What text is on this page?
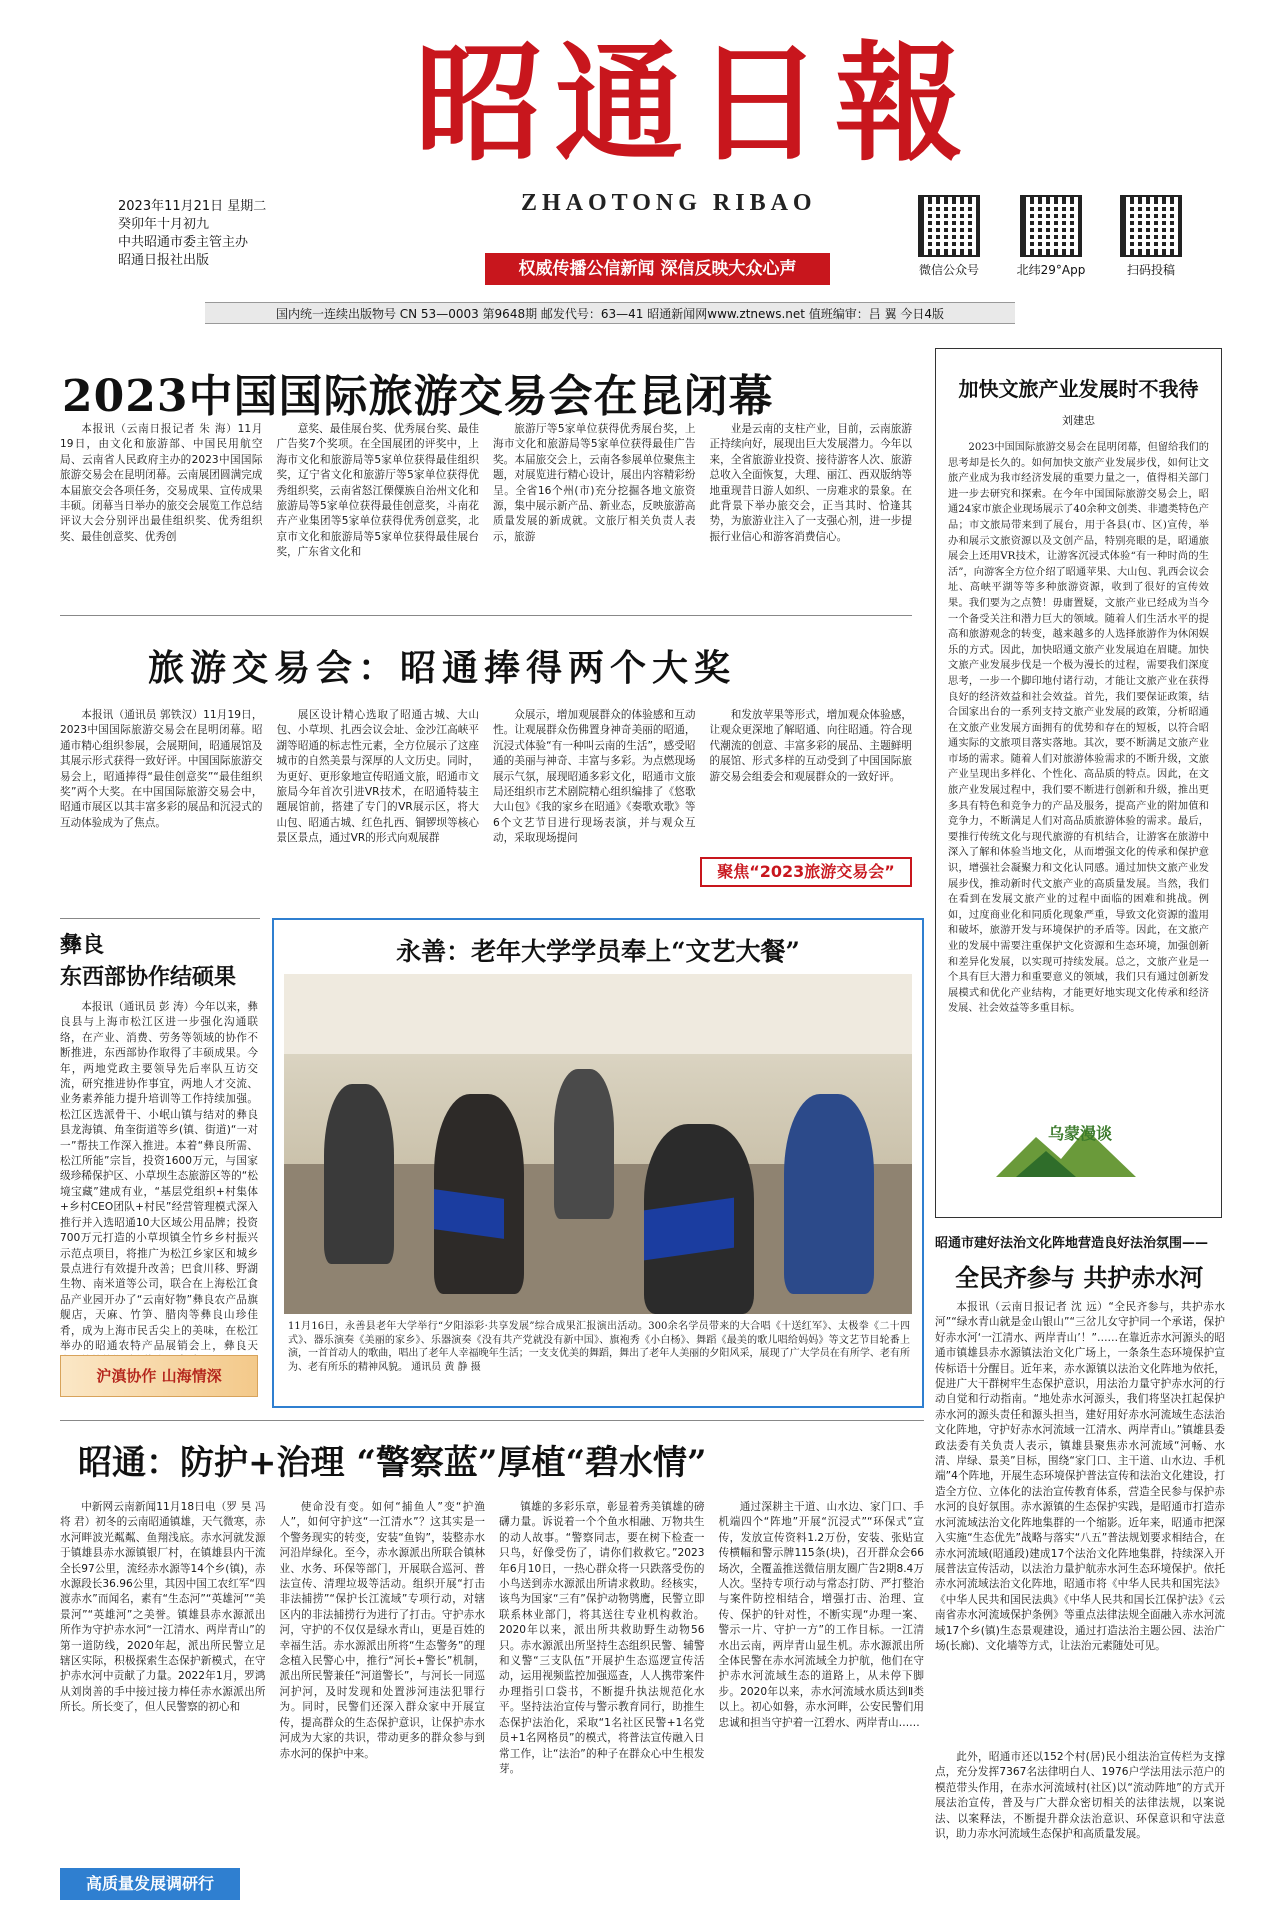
昭通日報
ZHAOTONG RIBAO
权威传播公信新闻 深信反映大众心声
2023年11月21日 星期二
癸卯年十月初九
中共昭通市委主管主办
昭通日报社出版
微信公众号	北纬29°App	扫码投稿
国内统一连续出版物号 CN 53—0003 第9648期 邮发代号：63—41 昭通新闻网www.ztnews.net 值班编审：吕 翼 今日4版
2023中国国际旅游交易会在昆闭幕

本报讯（云南日报记者 朱 海）11月19日，由文化和旅游部、中国民用航空局、云南省人民政府主办的2023中国国际旅游交易会在昆明闭幕。云南展团圆满完成本届旅交会各项任务，交易成果、宣传成果丰硕。闭幕当日举办的旅交会展览工作总结评议大会分别评出最佳组织奖、优秀组织奖、最佳创意奖、优秀创

意奖、最佳展台奖、优秀展台奖、最佳广告奖7个奖项。在全国展团的评奖中，上海市文化和旅游局等5家单位获得最佳组织奖，辽宁省文化和旅游厅等5家单位获得优秀组织奖，云南省怒江傈僳族自治州文化和旅游局等5家单位获得最佳创意奖，斗南花卉产业集团等5家单位获得优秀创意奖，北京市文化和旅游局等5家单位获得最佳展台奖，广东省文化和

旅游厅等5家单位获得优秀展台奖，上海市文化和旅游局等5家单位获得最佳广告奖。本届旅交会上，云南各参展单位聚焦主题，对展览进行精心设计，展出内容精彩纷呈。全省16个州(市)充分挖掘各地文旅资源，集中展示新产品、新业态，反映旅游高质量发展的新成就。文旅厅相关负责人表示，旅游

业是云南的支柱产业，目前，云南旅游正持续向好，展现出巨大发展潜力。今年以来，全省旅游业投资、接待游客人次、旅游总收入全面恢复，大理、丽江、西双版纳等地重现昔日游人如织、一房难求的景象。在此背景下举办旅交会，正当其时、恰逢其势，为旅游业注入了一支强心剂，进一步提振行业信心和游客消费信心。

加快文旅产业发展时不我待
刘建忠

2023中国国际旅游交易会在昆明闭幕，但留给我们的思考却是长久的。如何加快文旅产业发展步伐，如何让文旅产业成为我市经济发展的重要力量之一，值得相关部门进一步去研究和探索。在今年中国国际旅游交易会上，昭通24家市旅企业现场展示了40余种文创类、非遗类特色产品；市文旅局带来到了展台，用于各县(市、区)宣传，举办和展示文旅资源以及文创产品，特别亮眼的是，昭通旅展会上还用VR技术，让游客沉浸式体验“有一种时尚的生活”，向游客全方位介绍了昭通苹果、大山包、乳西会议会址、高峡平湖等等多种旅游资源，收到了很好的宣传效果。我们要为之点赞！毋庸置疑，文旅产业已经成为当今一个备受关注和潜力巨大的领域。随着人们生活水平的提高和旅游观念的转变，越来越多的人选择旅游作为休闲娱乐的方式。因此，加快昭通文旅产业发展迫在眉睫。加快文旅产业发展步伐是一个极为漫长的过程，需要我们深度思考，一步一个脚印地付诸行动，才能让文旅产业在获得良好的经济效益和社会效益。首先，我们要保证政策，结合国家出台的一系列支持文旅产业发展的政策，分析昭通在文旅产业发展方面拥有的优势和存在的短板，以符合昭通实际的文旅项目落实落地。其次，要不断满足文旅产业市场的需求。随着人们对旅游体验需求的不断升级，文旅产业呈现出多样化、个性化、高品质的特点。因此，在文旅产业发展过程中，我们要不断进行创新和升级，推出更多具有特色和竞争力的产品及服务，提高产业的附加值和竞争力，不断满足人们对高品质旅游体验的需求。最后，要推行传统文化与现代旅游的有机结合，让游客在旅游中深入了解和体验当地文化，从而增强文化的传承和保护意识，增强社会凝聚力和文化认同感。通过加快文旅产业发展步伐，推动新时代文旅产业的高质量发展。当然，我们在看到在发展文旅产业的过程中面临的困难和挑战。例如，过度商业化和同质化现象严重，导致文化资源的滥用和破坏，旅游开发与环境保护的矛盾等。因此，在文旅产业的发展中需要注重保护文化资源和生态环境，加强创新和差异化发展，以实现可持续发展。总之，文旅产业是一个具有巨大潜力和重要意义的领域，我们只有通过创新发展模式和优化产业结构，才能更好地实现文化传承和经济发展、社会效益等多重目标。

乌蒙漫谈
旅游交易会：昭通捧得两个大奖

本报讯（通讯员 郭铁汉）11月19日，2023中国国际旅游交易会在昆明闭幕。昭通市精心组织参展，会展期间，昭通展馆及其展示形式获得一致好评。中国国际旅游交易会上，昭通捧得“最佳创意奖”“最佳组织奖”两个大奖。在中国国际旅游交易会中，昭通市展区以其丰富多彩的展品和沉浸式的互动体验成为了焦点。

展区设计精心选取了昭通古城、大山包、小草坝、扎西会议会址、金沙江高峡平湖等昭通的标志性元素，全方位展示了这座城市的自然美景与深厚的人文历史。同时，为更好、更形象地宣传昭通文旅，昭通市文旅局今年首次引进VR技术，在昭通特装主题展馆前，搭建了专门的VR展示区，将大山包、昭通古城、红色扎西、铜锣坝等核心景区景点，通过VR的形式向观展群

众展示，增加观展群众的体验感和互动性。让观展群众伤佛置身神奇美丽的昭通，沉浸式体验“有一种叫云南的生活”，感受昭通的美丽与神奇、丰富与多彩。为点燃现场展示气氛，展现昭通多彩文化，昭通市文旅局还组织市艺术剧院精心组织编排了《悠歌大山包》《我的家乡在昭通》《奏歌欢歌》等6个文艺节目进行现场表演，并与观众互动，采取现场提问

和发放苹果等形式，增加观众体验感，让观众更深地了解昭通、向往昭通。符合现代潮流的创意、丰富多彩的展品、主题鲜明的展馆、形式多样的互动受到了中国国际旅游交易会组委会和观展群众的一致好评。

聚焦“2023旅游交易会”
彝良
东西部协作结硕果

本报讯（通讯员 彭 涛）今年以来，彝良县与上海市松江区进一步强化沟通联络，在产业、消费、劳务等领域的协作不断推进，东西部协作取得了丰硕成果。今年，两地党政主要领导先后率队互访交流，研究推进协作事宜，两地人才交流、业务素养能力提升培训等工作持续加强。松江区选派骨干、小岷山镇与结对的彝良县龙海镇、角奎街道等乡(镇、街道)“一对一”帮扶工作深入推进。本着“彝良所需、松江所能”宗旨，投资1600万元，与国家级珍稀保护区、小草坝生态旅游区等的“松境宝藏”建成有业，“基层党组织+村集体+乡村CEO团队+村民”经营管理模式深入推行并入选昭通10大区域公用品牌；投资700万元打造的小草坝镇全竹乡乡村振兴示范点项目，将推广为松江乡家区和城乡景点进行有效提升改善；巴食川移、野湖生物、南米道等公司，联合在上海松江食品产业园开办了“云南好物”彝良农产品旗舰店，天麻、竹笋、腊肉等彝良山珍佳肴，成为上海市民舌尖上的美味，在松江举办的昭通农特产品展销会上，彝良天

沪滇协作 山海情深
永善：老年大学学员奉上“文艺大餐”
11月16日，永善县老年大学举行“夕阳添彩·共享发展”综合成果汇报演出活动。300余名学员带来的大合唱《十送红军》、太极拳《二十四式》、器乐演奏《美丽的家乡》、乐器演奏《没有共产党就没有新中国》、旗袍秀《小白杨》、舞蹈《最美的歌儿唱给妈妈》等文艺节目轮番上演，一首首动人的歌曲，唱出了老年人幸福晚年生活；一支支优美的舞蹈，舞出了老年人美丽的夕阳风采，展现了广大学员在有所学、老有所为、老有所乐的精神风貌。 通讯员 黄 静 摄
昭通市建好法治文化阵地营造良好法治氛围——
全民齐参与 共护赤水河

本报讯（云南日报记者 沈 远）“全民齐参与，共护赤水河”“绿水青山就是金山银山”“三岔儿女守护同一个承诺，保护好赤水河‘一江清水、两岸青山’！”……在靠近赤水河源头的昭通市镇雄县赤水源镇法治文化广场上，一条条生态环境保护宣传标语十分醒目。近年来，赤水源镇以法治文化阵地为依托，促进广大干群树牢生态保护意识，用法治力量守护赤水河的行动自觉和行动指南。“地处赤水河源头，我们将坚决扛起保护赤水河的源头责任和源头担当，建好用好赤水河流域生态法治文化阵地，守护好赤水河流域一江清水、两岸青山。”镇雄县委政法委有关负责人表示，镇雄县聚焦赤水河流域“河畅、水清、岸绿、景美”目标，围绕“家门口、主干道、山水边、手机端”4个阵地，开展生态环境保护普法宣传和法治文化建设，打造全方位、立体化的法治宣传教育体系，营造全民参与保护赤水河的良好氛围。赤水源镇的生态保护实践，是昭通市打造赤水河流域法治文化阵地集群的一个缩影。近年来，昭通市把深入实施“生态优先”战略与落实“八五”普法规划要求相结合，在赤水河流域(昭通段)建成17个法治文化阵地集群，持续深入开展普法宣传活动，以法治力量护航赤水河生态环境保护。依托赤水河流域法治文化阵地，昭通市将《中华人民共和国宪法》《中华人民共和国民法典》《中华人民共和国长江保护法》《云南省赤水河流域保护条例》等重点法律法规全面融入赤水河流域17个乡(镇)生态景观建设，通过打造法治主题公园、法治广场(长廊)、文化墙等方式，让法治元素随处可见。

此外，昭通市还以152个村(居)民小组法治宣传栏为支撑点，充分发挥7367名法律明白人、1976户学法用法示范户的模范带头作用，在赤水河流域村(社区)以“流动阵地”的方式开展法治宣传，普及与广大群众密切相关的法律法规，以案说法、以案释法，不断提升群众法治意识、环保意识和守法意识，助力赤水河流域生态保护和高质量发展。

昭通：防护+治理 “警察蓝”厚植“碧水情”

中新网云南新闻11月18日电（罗 昊 冯 将 君）初冬的云南昭通镇雄，天气微寒，赤水河畔波光粼粼、鱼翔浅底。赤水河就发源于镇雄县赤水源镇银厂村，在镇雄县内干流全长97公里，流经赤水源等14个乡(镇)，赤水源段长36.96公里，其因中国工农红军“四渡赤水”而闻名，素有“生态河”“英雄河”“美景河”“英雄河”之美誉。镇雄县赤水源派出所作为守护赤水河“一江清水、两岸青山”的第一道防线，2020年起，派出所民警立足辖区实际，积极探索生态保护新模式，在守护赤水河中贡献了力量。2022年1月，罗鸿从刘岗善的手中接过接力棒任赤水源派出所所长。所长变了，但人民警察的初心和

使命没有变。如何“捕鱼人”变“护渔人”，如何守护这“一江清水”？这其实是一个警务现实的转变，安装“鱼钩”，装整赤水河沿岸绿化。至今，赤水源派出所联合镇林业、水务、环保等部门，开展联合巡河、普法宣传、清理垃圾等活动。组织开展“打击非法捕捞”“保护长江流域”专项行动，对辖区内的非法捕捞行为进行了打击。守护赤水河，守护的不仅仅是绿水青山，更是百姓的幸福生活。赤水源派出所将“生态警务”的理念植入民警心中，推行“河长+警长”机制，派出所民警兼任“河道警长”，与河长一同巡河护河，及时发现和处置涉河违法犯罪行为。同时，民警们还深入群众家中开展宣传，提高群众的生态保护意识，让保护赤水河成为大家的共识，带动更多的群众参与到赤水河的保护中来。

镇雄的多彩乐章，彰显着秀美镇雄的磅礴力量。诉说着一个个鱼水相融、万物共生的动人故事。“警察同志，要在树下检查一只鸟，好像受伤了，请你们救救它。”2023年6月10日，一热心群众将一只跌落受伤的小鸟送到赤水源派出所请求救助。经核实，该鸟为国家“三有”保护动物鸮鹰，民警立即联系林业部门，将其送往专业机构救治。2020年以来，派出所共救助野生动物56只。赤水源派出所坚持生态组织民警、辅警和义警“三支队伍”开展护生态巡逻宣传活动，运用视频监控加强巡查，人人携带案件办理指引口袋书，不断提升执法规范化水平。坚持法治宣传与警示教育同行，助推生态保护法治化，采取“1名社区民警+1名党员+1名网格员”的模式，将普法宣传融入日常工作，让“法治”的种子在群众心中生根发芽。

通过深耕主干道、山水边、家门口、手机端四个“阵地”开展“沉浸式”“环保式”宣传，发放宣传资料1.2万份，安装、张贴宣传横幅和警示牌115条(块)，召开群众会66场次，全覆盖推送微信朋友圈广告2期8.4万人次。坚持专项行动与常态打防、严打整治与案件防控相结合，增强打击、治理、宣传、保护的针对性，不断实现“办理一案、警示一片、守护一方”的工作目标。一江清水出云南，两岸青山显生机。赤水源派出所全体民警在赤水河流域全力护航，他们在守护赤水河流域生态的道路上，从未停下脚步。2020年以来，赤水河流域水质达到Ⅱ类以上。初心如磐，赤水河畔，公安民警们用忠诚和担当守护着一江碧水、两岸青山……

高质量发展调研行
